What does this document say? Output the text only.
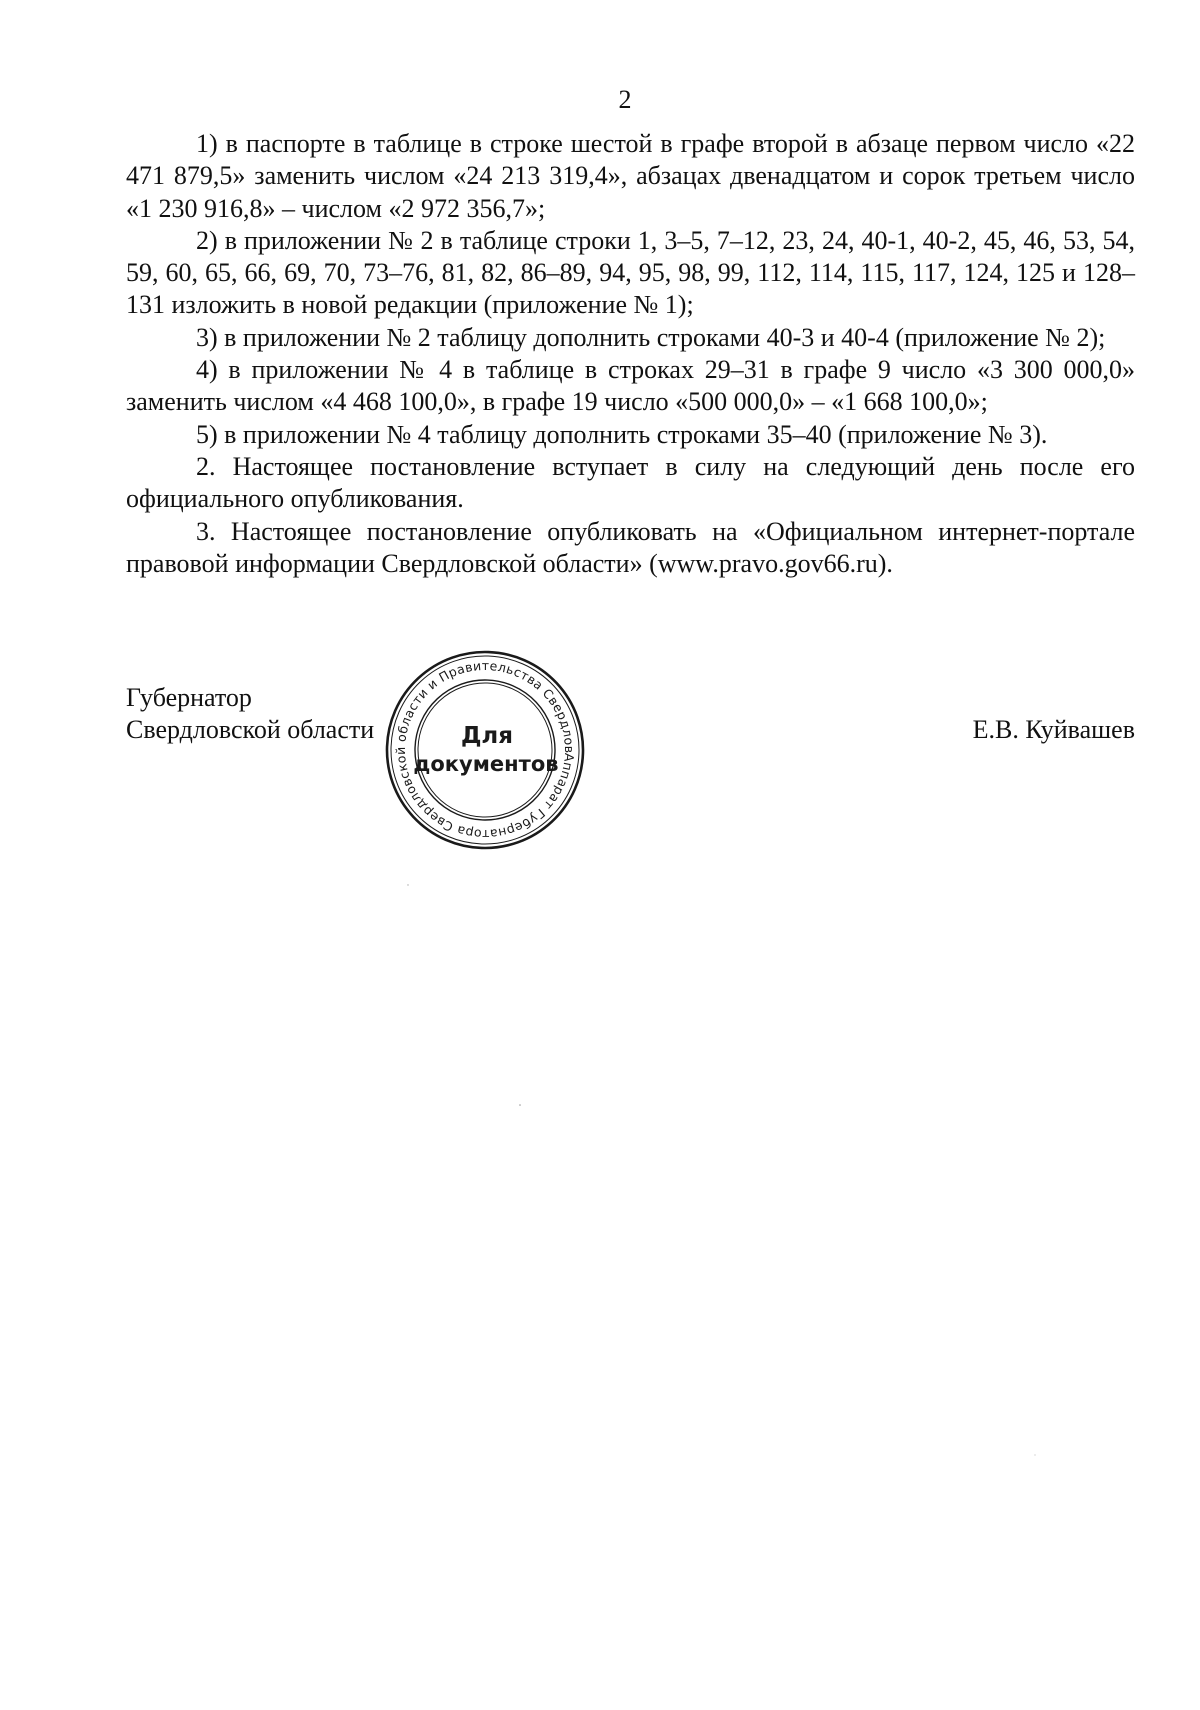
2

1) в паспорте в таблице в строке шестой в графе второй в абзаце первом число «22 471 879,5» заменить числом «24 213 319,4», абзацах двенадцатом и сорок третьем число «1 230 916,8» – числом «2 972 356,7»;

2) в приложении № 2 в таблице строки 1, 3–5, 7–12, 23, 24, 40-1, 40-2, 45, 46, 53, 54, 59, 60, 65, 66, 69, 70, 73–76, 81, 82, 86–89, 94, 95, 98, 99, 112, 114, 115, 117, 124, 125 и 128–131 изложить в новой редакции (приложение № 1);

3) в приложении № 2 таблицу дополнить строками 40-3 и 40-4 (приложение № 2);

4) в приложении № 4 в таблице в строках 29–31 в графе 9 число «3 300 000,0» заменить числом «4 468 100,0», в графе 19 число «500 000,0» – «1 668 100,0»;

5) в приложении № 4 таблицу дополнить строками 35–40 (приложение № 3).

2. Настоящее постановление вступает в силу на следующий день после его официального опубликования.

3. Настоящее постановление опубликовать на «Официальном интернет-портале правовой информации Свердловской области» (www.pravo.gov66.ru).

Губернатор
Свердловской области	Е.В. Куйвашев
Аппарат Губернатора Свердловской области и Правительства Свердловской
Для
документов
